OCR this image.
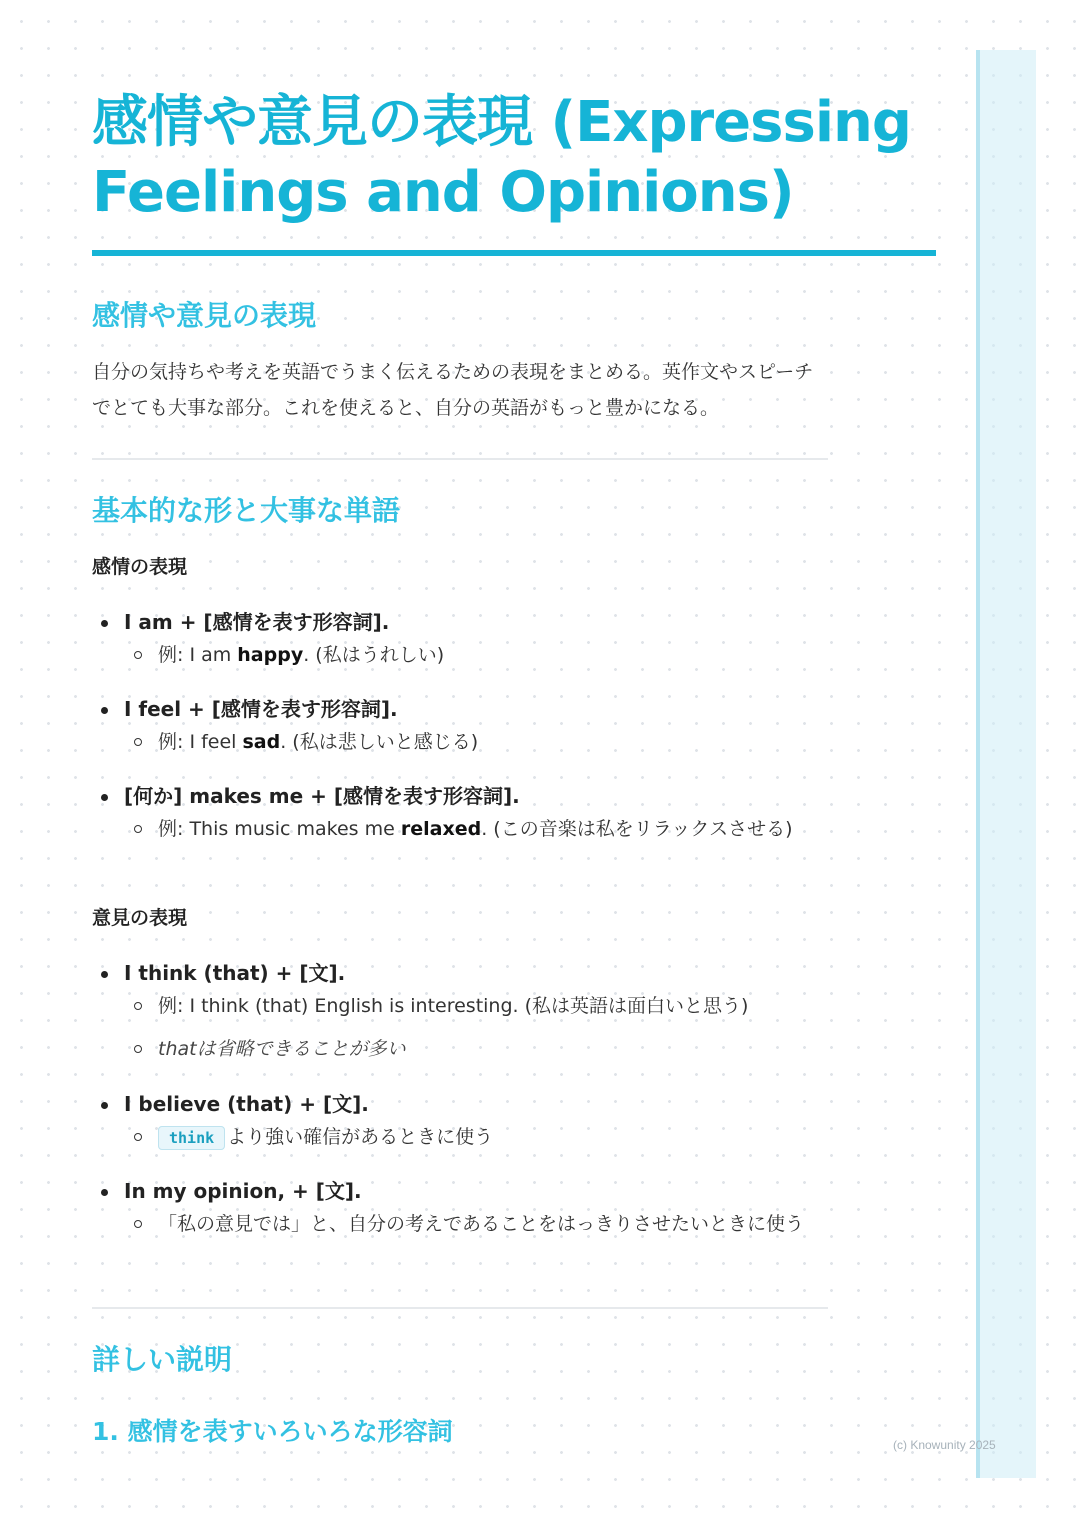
感情や意見の表現 (Expressing Feelings and Opinions)
感情や意見の表現
自分の気持ちや考えを英語でうまく伝えるための表現をまとめる。英作文やスピーチでとても大事な部分。これを使えると、自分の英語がもっと豊かになる。
基本的な形と大事な単語
感情の表現
I am + [感情を表す形容詞].
例: I am happy. (私はうれしい)
I feel + [感情を表す形容詞].
例: I feel sad. (私は悲しいと感じる)
[何か] makes me + [感情を表す形容詞].
例: This music makes me relaxed. (この音楽は私をリラックスさせる)
意見の表現
I think (that) + [文].
例: I think (that) English is interesting. (私は英語は面白いと思う)
thatは省略できることが多い
I believe (that) + [文].
think より強い確信があるときに使う
In my opinion, + [文].
「私の意見では」と、自分の考えであることをはっきりさせたいときに使う
詳しい説明
1. 感情を表すいろいろな形容詞	(c) Knowunity 2025
